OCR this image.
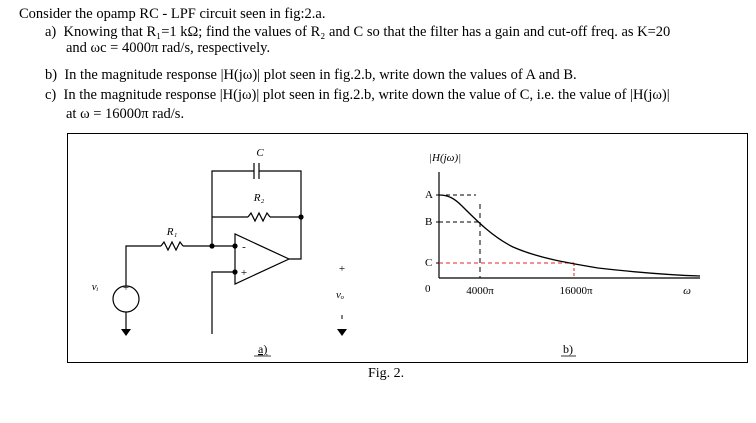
Consider the opamp RC - LPF circuit seen in fig:2.a.
a) Knowing that R₁=1 kΩ; find the values of R₂ and C so that the filter has a gain and cut-off freq. as K=20
and ωc = 4000π rad/s, respectively.
b) In the magnitude response |H(jω)| plot seen in fig.2.b, write down the values of A and B.
c) In the magnitude response |H(jω)| plot seen in fig.2.b, write down the value of C, i.e. the value of |H(jω)|
at ω = 16000π rad/s.
C
R₂
R₁
vᵢ
vₒ
+
+
-
+
a)
|H(jω)|
A
B
C
0	4000π	16000π	ω
b)
Fig. 2.
